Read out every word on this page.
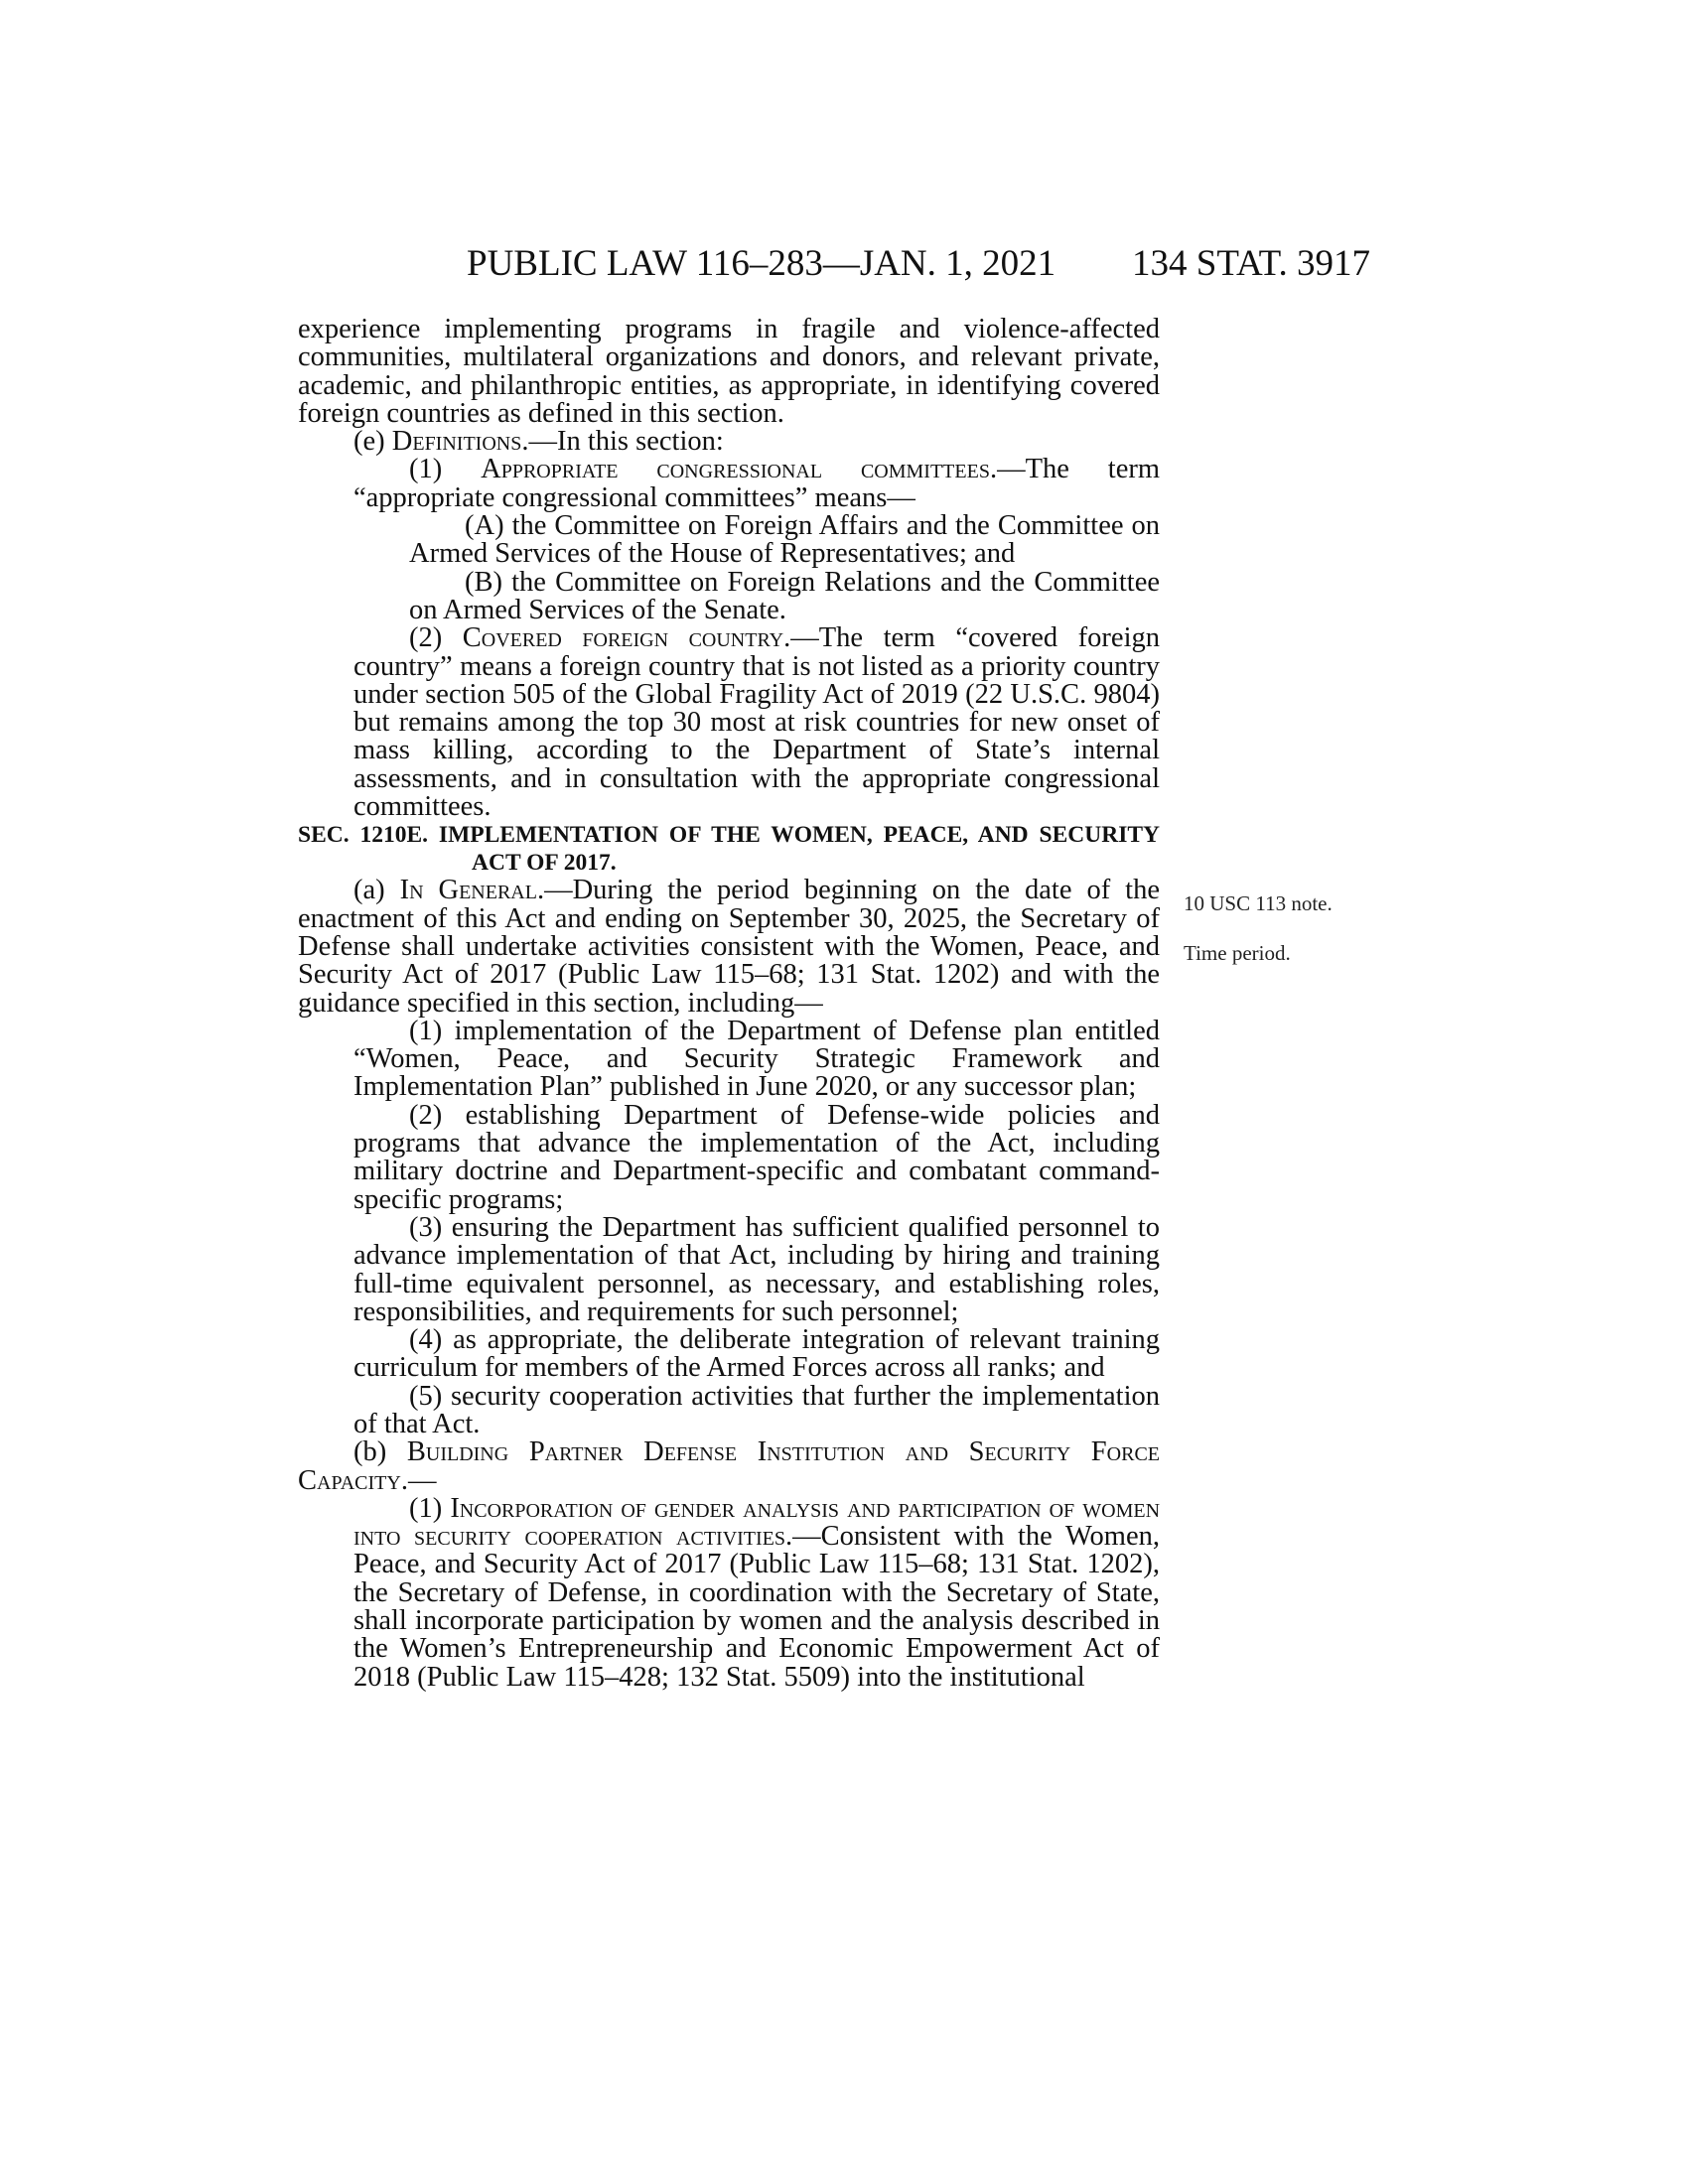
PUBLIC LAW 116–283—JAN. 1, 2021 134 STAT. 3917
10 USC 113 note.
Time period.

experience implementing programs in fragile and violence-affected communities, multilateral organizations and donors, and relevant private, academic, and philanthropic entities, as appropriate, in identifying covered foreign countries as defined in this section.

(e) Definitions.—In this section:

(1) Appropriate congressional committees.—The term “appropriate congressional committees” means—

(A) the Committee on Foreign Affairs and the Committee on Armed Services of the House of Representatives; and

(B) the Committee on Foreign Relations and the Committee on Armed Services of the Senate.

(2) Covered foreign country.—The term “covered foreign country” means a foreign country that is not listed as a priority country under section 505 of the Global Fragility Act of 2019 (22 U.S.C. 9804) but remains among the top 30 most at risk countries for new onset of mass killing, according to the Department of State’s internal assessments, and in consultation with the appropriate congressional committees.

SEC. 1210E. IMPLEMENTATION OF THE WOMEN, PEACE, AND SECURITY ACT OF 2017.

(a) In General.—During the period beginning on the date of the enactment of this Act and ending on September 30, 2025, the Secretary of Defense shall undertake activities consistent with the Women, Peace, and Security Act of 2017 (Public Law 115–68; 131 Stat. 1202) and with the guidance specified in this section, including—

(1) implementation of the Department of Defense plan entitled “Women, Peace, and Security Strategic Framework and Implementation Plan” published in June 2020, or any successor plan;

(2) establishing Department of Defense-wide policies and programs that advance the implementation of the Act, including military doctrine and Department-specific and combatant command-specific programs;

(3) ensuring the Department has sufficient qualified personnel to advance implementation of that Act, including by hiring and training full-time equivalent personnel, as necessary, and establishing roles, responsibilities, and requirements for such personnel;

(4) as appropriate, the deliberate integration of relevant training curriculum for members of the Armed Forces across all ranks; and

(5) security cooperation activities that further the implementation of that Act.

(b) Building Partner Defense Institution and Security Force Capacity.—

(1) Incorporation of gender analysis and participation of women into security cooperation activities.—Consistent with the Women, Peace, and Security Act of 2017 (Public Law 115–68; 131 Stat. 1202), the Secretary of Defense, in coordination with the Secretary of State, shall incorporate participation by women and the analysis described in the Women’s Entrepreneurship and Economic Empowerment Act of 2018 (Public Law 115–428; 132 Stat. 5509) into the institutional
